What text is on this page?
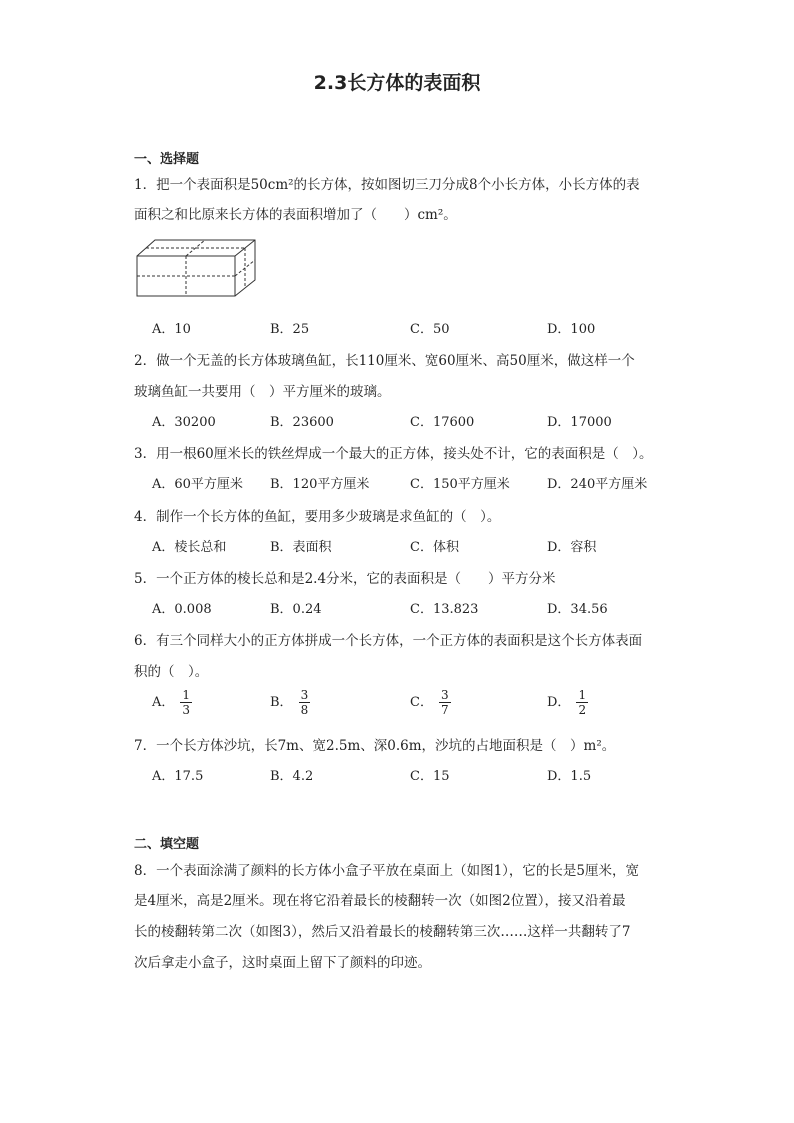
2.3长方体的表面积
一、选择题
1．把一个表面积是50cm²的长方体，按如图切三刀分成8个小长方体，小长方体的表
面积之和比原来长方体的表面积增加了（　　）cm²。
A．10	B．25	C．50	D．100
2．做一个无盖的长方体玻璃鱼缸，长110厘米、宽60厘米、高50厘米，做这样一个
玻璃鱼缸一共要用（　）平方厘米的玻璃。
A．30200	B．23600	C．17600	D．17000
3．用一根60厘米长的铁丝焊成一个最大的正方体，接头处不计，它的表面积是（　）。
A．60平方厘米 B．120平方厘米	C．150平方厘米	D．240平方厘米
4．制作一个长方体的鱼缸，要用多少玻璃是求鱼缸的（　）。
A．棱长总和	B．表面积	C．体积	D．容积
5．一个正方体的棱长总和是2.4分米，它的表面积是（　　）平方分米
A．0.008	B．0.24	C．13.823	D．34.56
6．有三个同样大小的正方体拼成一个长方体，一个正方体的表面积是这个长方体表面
积的（　）。
A． $\frac{1}{3}$	B． $\frac{3}{8}$	C． $\frac{3}{7}$	D． $\frac{1}{2}$
7．一个长方体沙坑，长7m、宽2.5m、深0.6m，沙坑的占地面积是（　）m²。
A．17.5	B．4.2	C．15	D．1.5
二、填空题
8．一个表面涂满了颜料的长方体小盒子平放在桌面上（如图1），它的长是5厘米，宽
是4厘米，高是2厘米。现在将它沿着最长的棱翻转一次（如图2位置），接又沿着最
长的棱翻转第二次（如图3），然后又沿着最长的棱翻转第三次……这样一共翻转了7
次后拿走小盒子，这时桌面上留下了颜料的印迹。
